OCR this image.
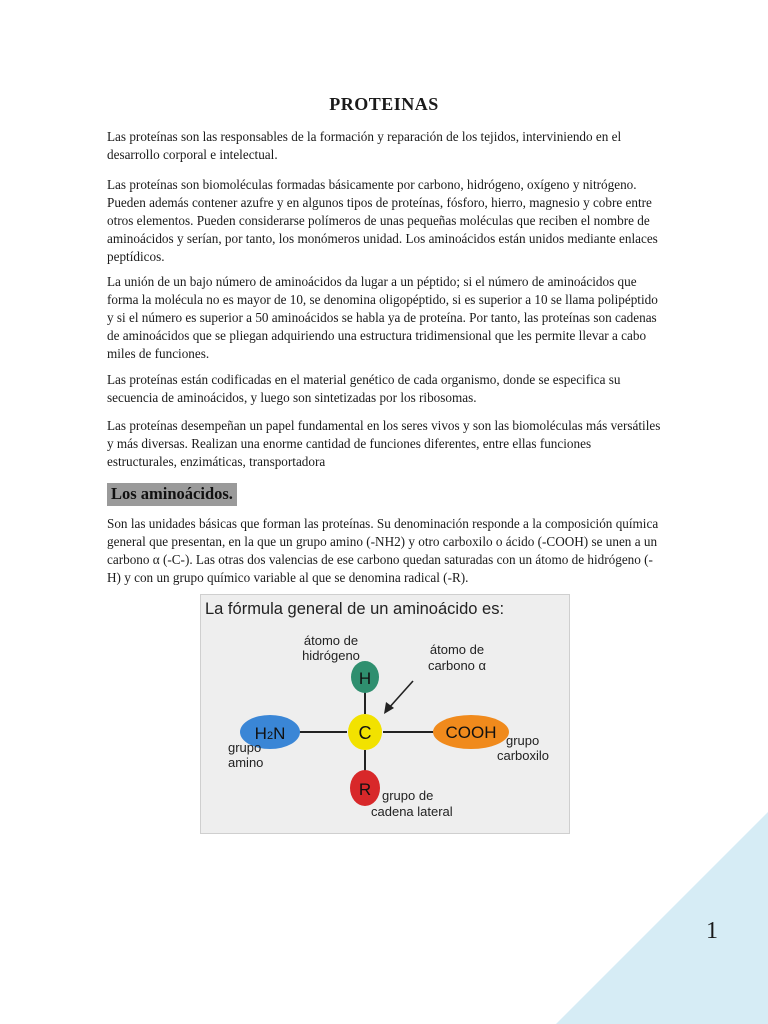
PROTEINAS

Las proteínas son las responsables de la formación y reparación de los tejidos, interviniendo en el desarrollo corporal e intelectual.

Las proteínas son biomoléculas formadas básicamente por carbono, hidrógeno, oxígeno y nitrógeno. Pueden además contener azufre y en algunos tipos de proteínas, fósforo, hierro, magnesio y cobre entre otros elementos. Pueden considerarse polímeros de unas pequeñas moléculas que reciben el nombre de aminoácidos y serían, por tanto, los monómeros unidad. Los aminoácidos están unidos mediante enlaces peptídicos.

La unión de un bajo número de aminoácidos da lugar a un péptido; si el número de aminoácidos que forma la molécula no es mayor de 10, se denomina oligopéptido, si es superior a 10 se llama polipéptido y si el número es superior a 50 aminoácidos se habla ya de proteína. Por tanto, las proteínas son cadenas de aminoácidos que se pliegan adquiriendo una estructura tridimensional que les permite llevar a cabo miles de funciones.

Las proteínas están codificadas en el material genético de cada organismo, donde se especifica su secuencia de aminoácidos, y luego son sintetizadas por los ribosomas.

Las proteínas desempeñan un papel fundamental en los seres vivos y son las biomoléculas más versátiles y más diversas. Realizan una enorme cantidad de funciones diferentes, entre ellas funciones estructurales, enzimáticas, transportadora

Los aminoácidos.

Son las unidades básicas que forman las proteínas. Su denominación responde a la composición química general que presentan, en la que un grupo amino (-NH2) y otro carboxilo o ácido (-COOH) se unen a un carbono α (-C-). Las otras dos valencias de ese carbono quedan saturadas con un átomo de hidrógeno (-H) y con un grupo químico variable al que se denomina radical (-R).

La fórmula general de un aminoácido es:
H
C
H2N	COOH
R
átomo de
hidrógeno	átomo de
carbono α
grupo
amino
grupo
carboxilo
grupo de
cadena lateral

1
